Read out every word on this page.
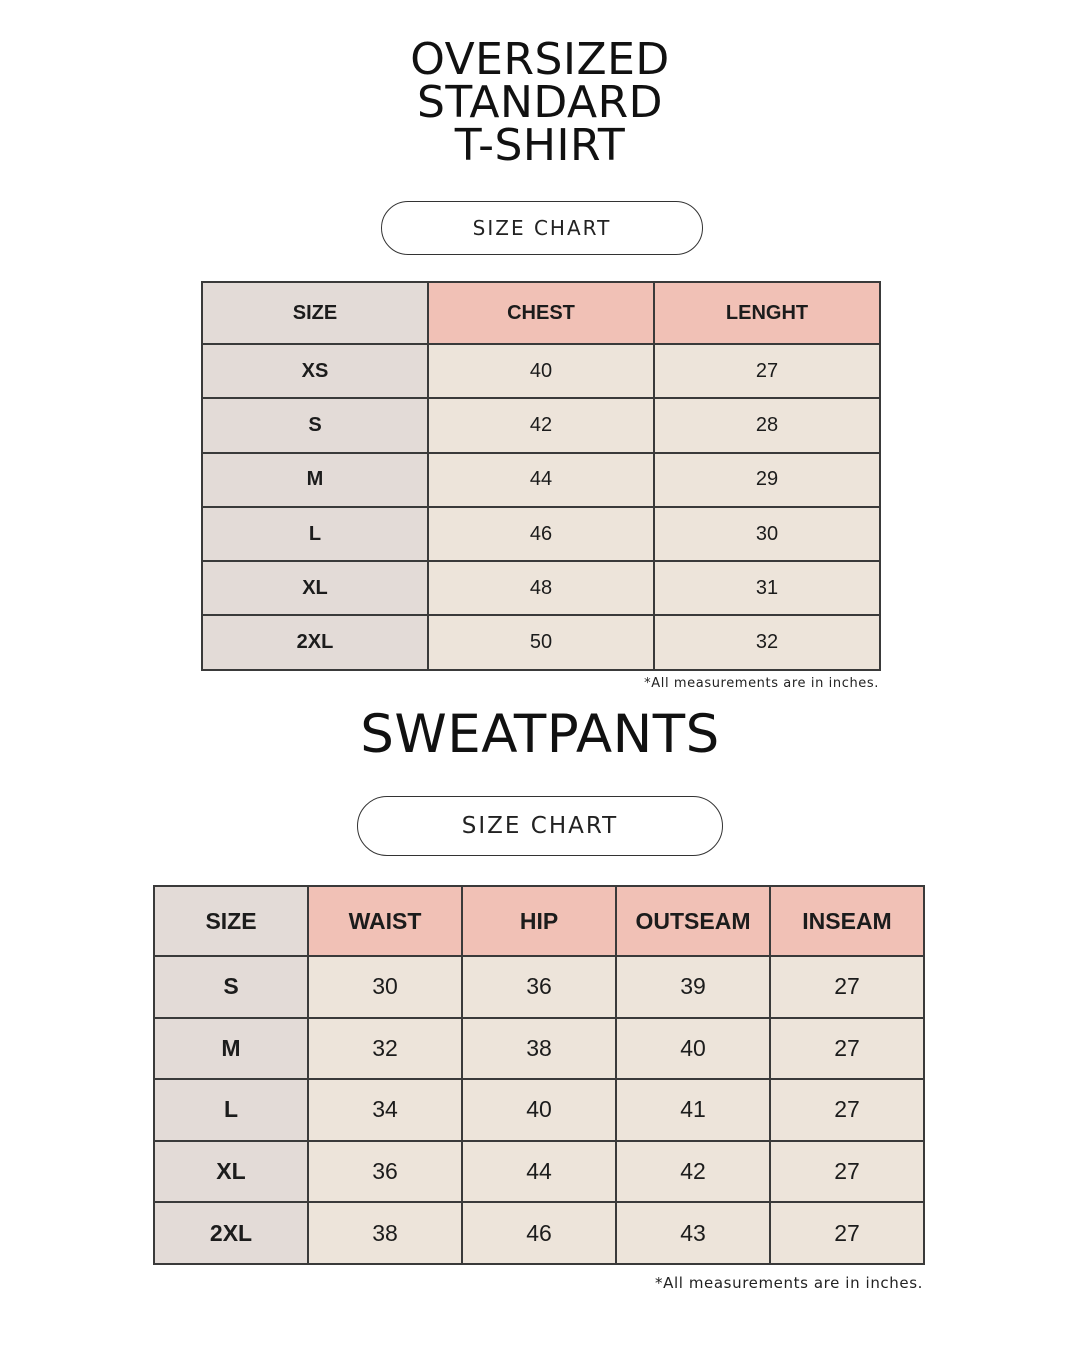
OVERSIZED
STANDARD
T-SHIRT
SIZE CHART
SIZE	CHEST	LENGHT
XS	40	27
S	42	28
M	44	29
L	46	30
XL	48	31
2XL	50	32
*All measurements are in inches.
SWEATPANTS
SIZE CHART
SIZE	WAIST	HIP	OUTSEAM	INSEAM
S	30	36	39	27
M	32	38	40	27
L	34	40	41	27
XL	36	44	42	27
2XL	38	46	43	27
*All measurements are in inches.
